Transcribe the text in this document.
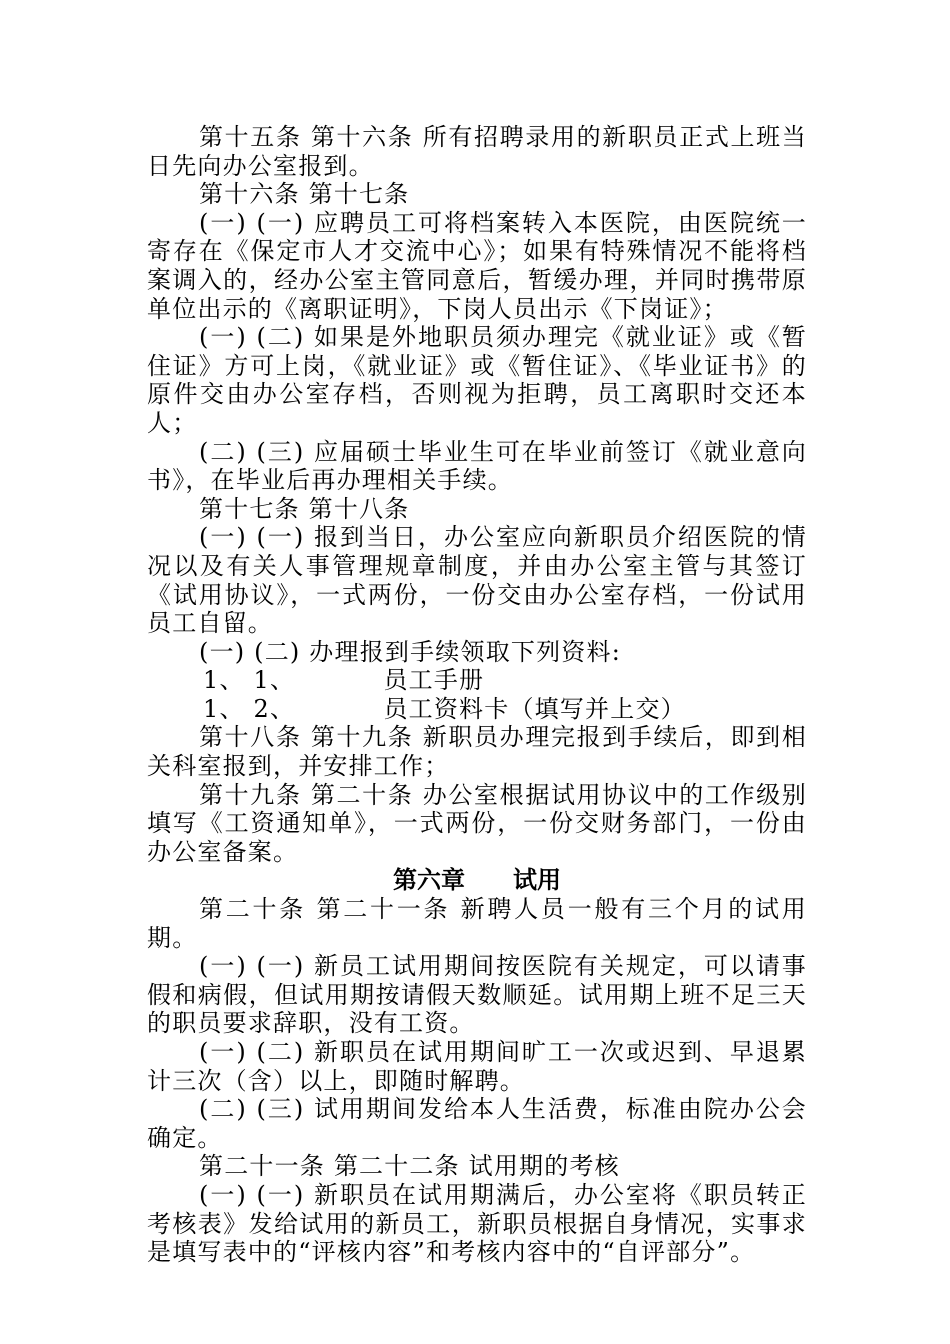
第十五条 第十六条 所有招聘录用的新职员正式上班当日先向办公室报到。

第十六条 第十七条

(一) (一) 应聘员工可将档案转入本医院，由医院统一寄存在《保定市人才交流中心》；如果有特殊情况不能将档案调入的，经办公室主管同意后，暂缓办理，并同时携带原单位出示的《离职证明》，下岗人员出示《下岗证》；

(一) (二) 如果是外地职员须办理完《就业证》或《暂住证》方可上岗，《就业证》或《暂住证》、《毕业证书》的原件交由办公室存档，否则视为拒聘，员工离职时交还本人；

(二) (三) 应届硕士毕业生可在毕业前签订《就业意向书》，在毕业后再办理相关手续。

第十七条 第十八条

(一) (一) 报到当日，办公室应向新职员介绍医院的情况以及有关人事管理规章制度，并由办公室主管与其签订《试用协议》，一式两份，一份交由办公室存档，一份试用员工自留。

(一) (二) 办理报到手续领取下列资料:

1、 1、          员工手册

1、 2、          员工资料卡（填写并上交）

第十八条 第十九条 新职员办理完报到手续后，即到相关科室报到，并安排工作；

第十九条 第二十条 办公室根据试用协议中的工作级别填写《工资通知单》，一式两份，一份交财务部门，一份由办公室备案。

第六章 试用

第二十条 第二十一条 新聘人员一般有三个月的试用期。

(一) (一) 新员工试用期间按医院有关规定，可以请事假和病假，但试用期按请假天数顺延。试用期上班不足三天的职员要求辞职，没有工资。

(一) (二) 新职员在试用期间旷工一次或迟到、早退累计三次（含）以上，即随时解聘。

(二) (三) 试用期间发给本人生活费，标准由院办公会确定。

第二十一条 第二十二条 试用期的考核

(一) (一) 新职员在试用期满后，办公室将《职员转正考核表》发给试用的新员工，新职员根据自身情况，实事求是填写表中的“评核内容”和考核内容中的“自评部分”。
